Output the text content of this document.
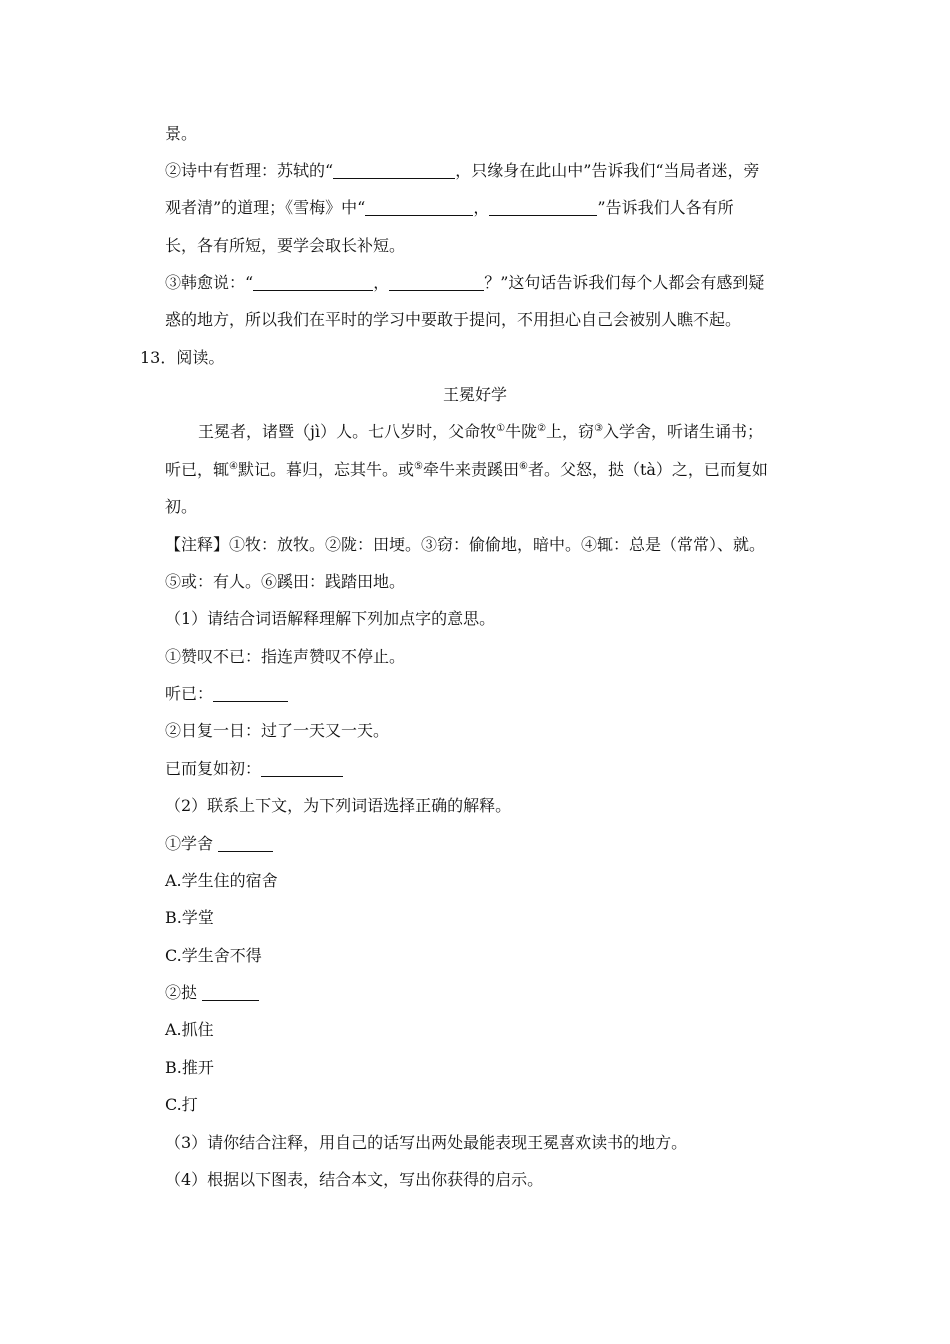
景。
②诗中有哲理：苏轼的“	，只缘身在此山中”告诉我们“当局者迷，旁
观者清”的道理；《雪梅》中“	，	”告诉我们人各有所
长，各有所短，要学会取长补短。
③韩愈说：“	，	？”这句话告诉我们每个人都会有感到疑
惑的地方，所以我们在平时的学习中要敢于提问，不用担心自己会被别人瞧不起。
13．阅读。
王冕好学
王冕者，诸暨（jì）人。七八岁时，父命牧①牛陇②上，窃③入学舍，听诸生诵书；
听已，辄④默记。暮归，忘其牛。或⑤牵牛来责蹊田⑥者。父怒，挞（tà）之，已而复如
初。
【注释】①牧：放牧。②陇：田埂。③窃：偷偷地，暗中。④辄：总是（常常）、就。
⑤或：有人。⑥蹊田：践踏田地。
（1）请结合词语解释理解下列加点字的意思。
①赞叹不已：指连声赞叹不停止。
听已：
②日复一日：过了一天又一天。
已而复如初：
（2）联系上下文，为下列词语选择正确的解释。
①学舍
A.学生住的宿舍
B.学堂
C.学生舍不得
②挞
A.抓住
B.推开
C.打
（3）请你结合注释，用自己的话写出两处最能表现王冕喜欢读书的地方。
（4）根据以下图表，结合本文，写出你获得的启示。
